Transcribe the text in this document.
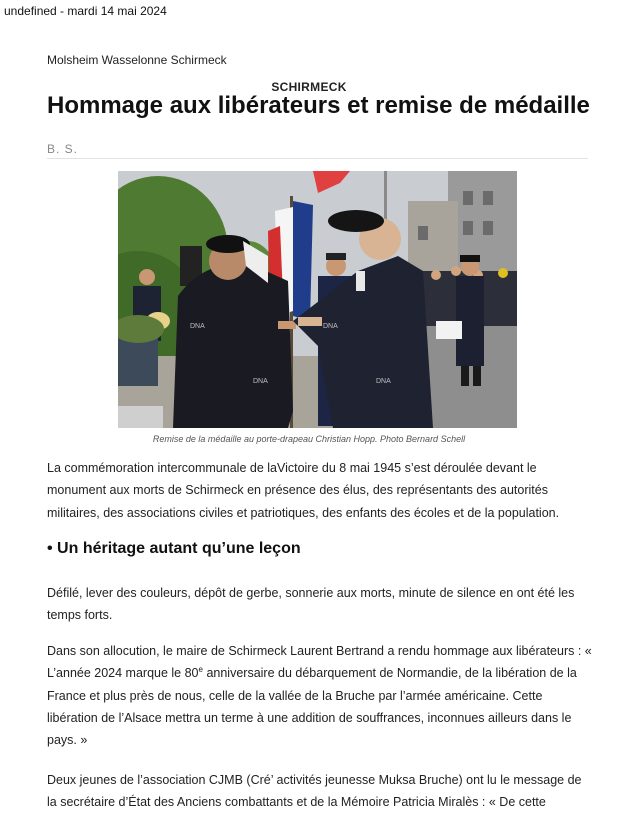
undefined - mardi 14 mai 2024
Molsheim Wasselonne Schirmeck
SCHIRMECK
Hommage aux libérateurs et remise de médaille
B. S.
DNA
DNA	DNA
DNA
Remise de la médaille au porte-drapeau Christian Hopp. Photo Bernard Schell

La commémoration intercommunale de laVictoire du 8 mai 1945 s’est déroulée devant le monument aux morts de Schirmeck en présence des élus, des représentants des autorités militaires, des associations civiles et patriotiques, des enfants des écoles et de la population.

• Un héritage autant qu’une leçon

Défilé, lever des couleurs, dépôt de gerbe, sonnerie aux morts, minute de silence en ont été les temps forts.

Dans son allocution, le maire de Schirmeck Laurent Bertrand a rendu hommage aux libérateurs : « L’année 2024 marque le 80e anniversaire du débarquement de Normandie, de la libération de la France et plus près de nous, celle de la vallée de la Bruche par l’armée américaine. Cette libération de l’Alsace mettra un terme à une addition de souffrances, inconnues ailleurs dans le pays. »

Deux jeunes de l’association CJMB (Cré’ activités jeunesse Muksa Bruche) ont lu le message de la secrétaire d’État des Anciens combattants et de la Mémoire Patricia Miralès : « De cette
